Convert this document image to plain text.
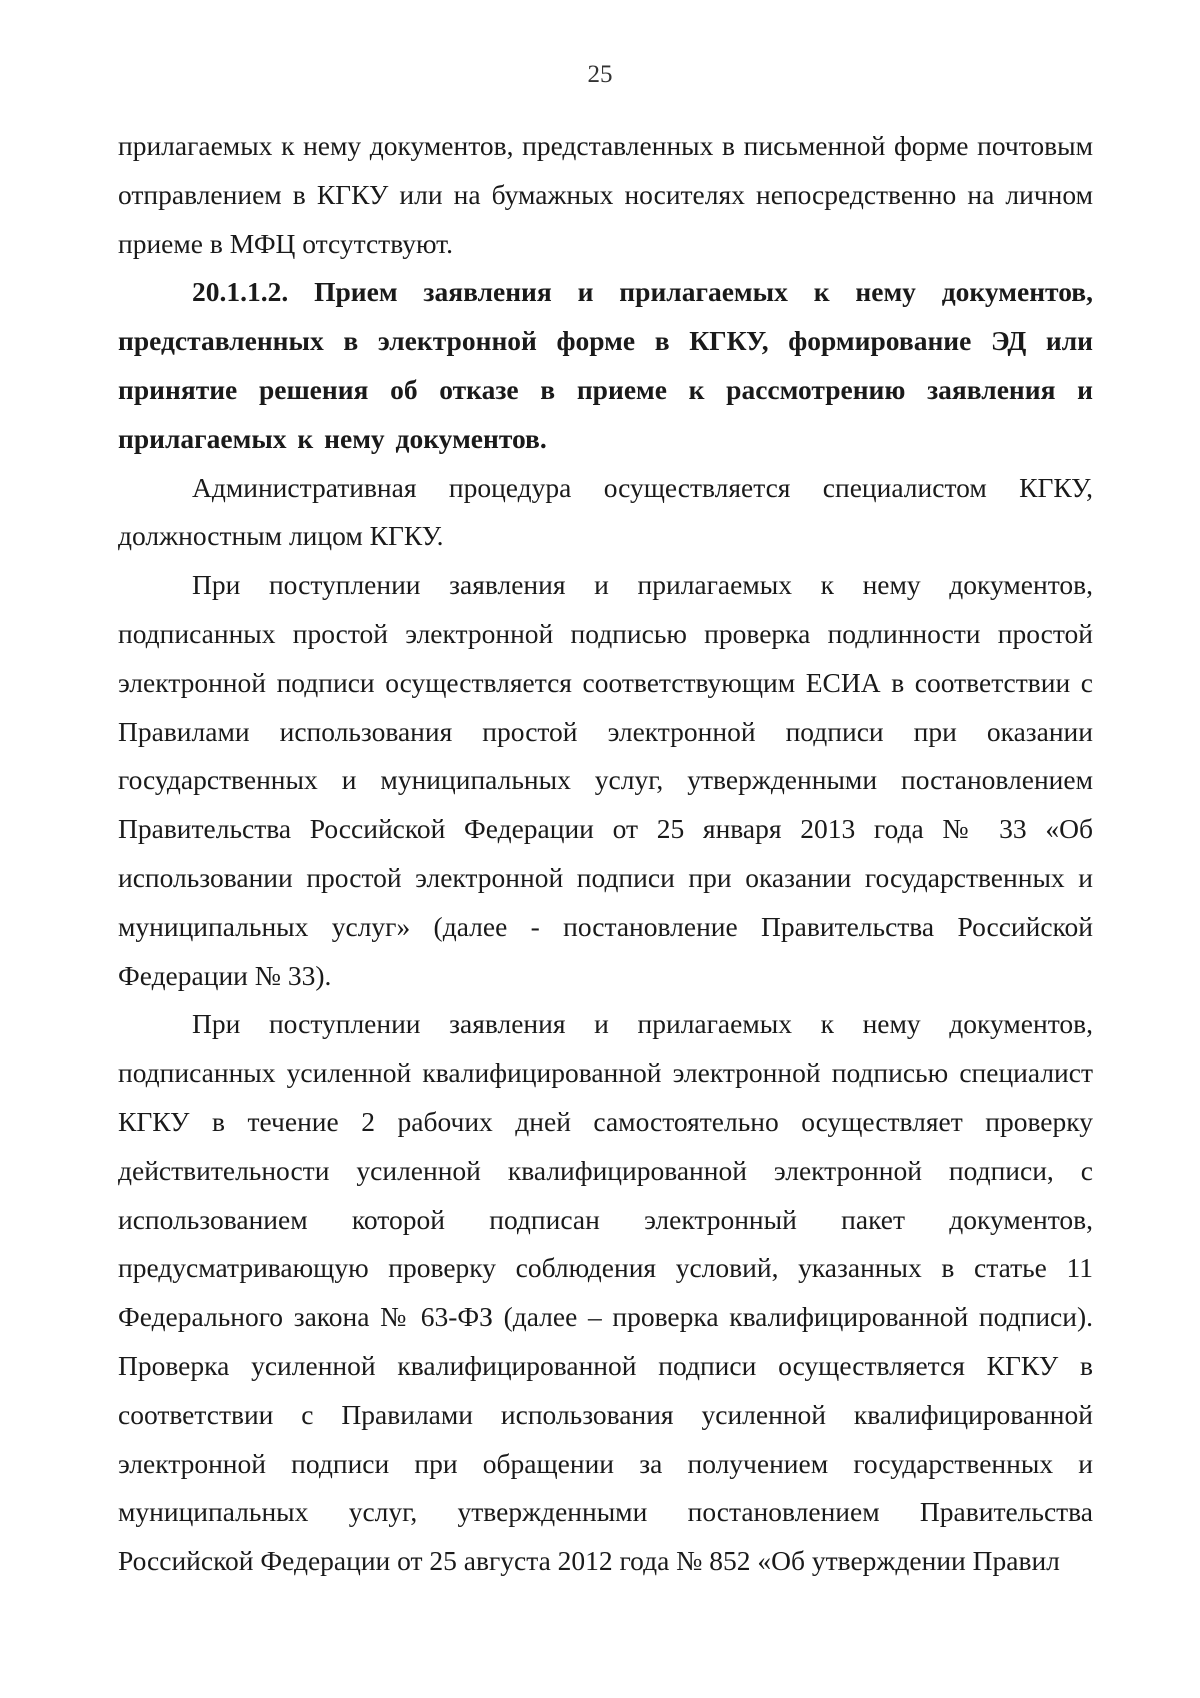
25

прилагаемых к нему документов, представленных в письменной форме почтовым отправлением в КГКУ или на бумажных носителях непосредственно на личном приеме в МФЦ отсутствуют.

20.1.1.2. Прием заявления и прилагаемых к нему документов, представленных в электронной форме в КГКУ, формирование ЭД или принятие решения об отказе в приеме к рассмотрению заявления и прилагаемых к нему документов.

Административная процедура осуществляется специалистом КГКУ, должностным лицом КГКУ.

При поступлении заявления и прилагаемых к нему документов, подписанных простой электронной подписью проверка подлинности простой электронной подписи осуществляется соответствующим ЕСИА в соответствии с Правилами использования простой электронной подписи при оказании государственных и муниципальных услуг, утвержденными постановлением Правительства Российской Федерации от 25 января 2013 года № 33 «Об использовании простой электронной подписи при оказании государственных и муниципальных услуг» (далее - постановление Правительства Российской Федерации № 33).

При поступлении заявления и прилагаемых к нему документов, подписанных усиленной квалифицированной электронной подписью специалист КГКУ в течение 2 рабочих дней самостоятельно осуществляет проверку действительности усиленной квалифицированной электронной подписи, с использованием которой подписан электронный пакет документов, предусматривающую проверку соблюдения условий, указанных в статье 11 Федерального закона № 63-ФЗ (далее – проверка квалифицированной подписи). Проверка усиленной квалифицированной подписи осуществляется КГКУ в соответствии с Правилами использования усиленной квалифицированной электронной подписи при обращении за получением государственных и муниципальных услуг, утвержденными постановлением Правительства Российской Федерации от 25 августа 2012 года № 852 «Об утверждении Правил
